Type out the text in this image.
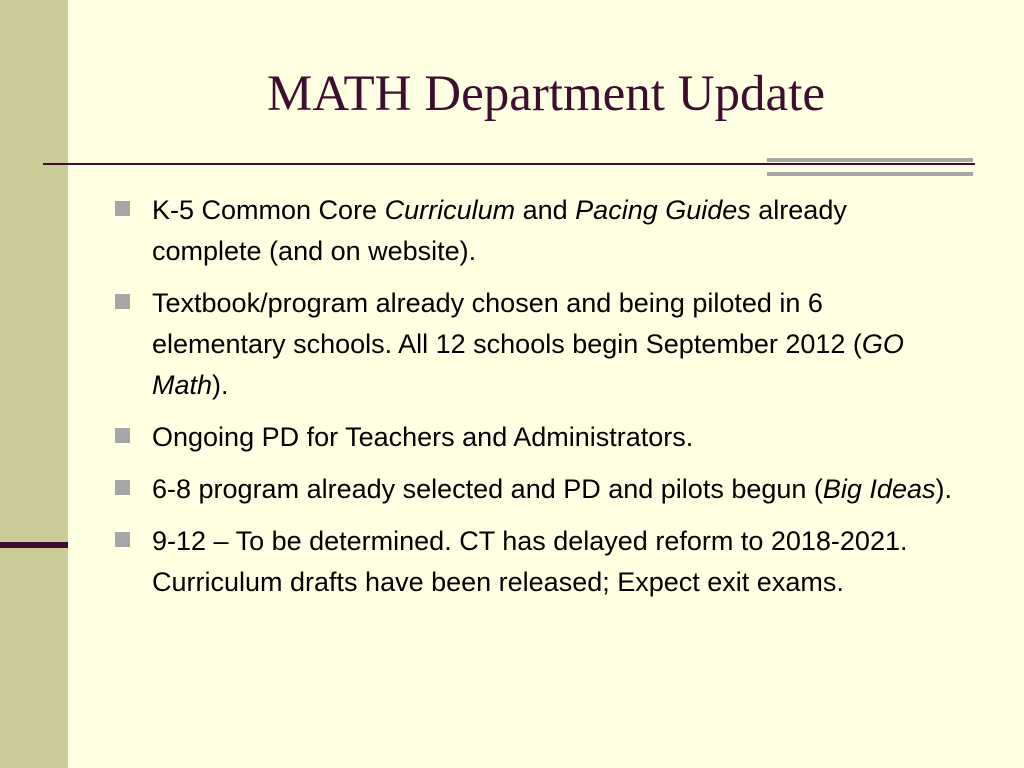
MATH Department Update
K-5 Common Core Curriculum and Pacing Guides already complete (and on website).
Textbook/program already chosen and being piloted in 6 elementary schools. All 12 schools begin September 2012 (GO Math).
Ongoing PD for Teachers and Administrators.
6-8 program already selected and PD and pilots begun (Big Ideas).
9-12 – To be determined. CT has delayed reform to 2018-2021. Curriculum drafts have been released; Expect exit exams.
